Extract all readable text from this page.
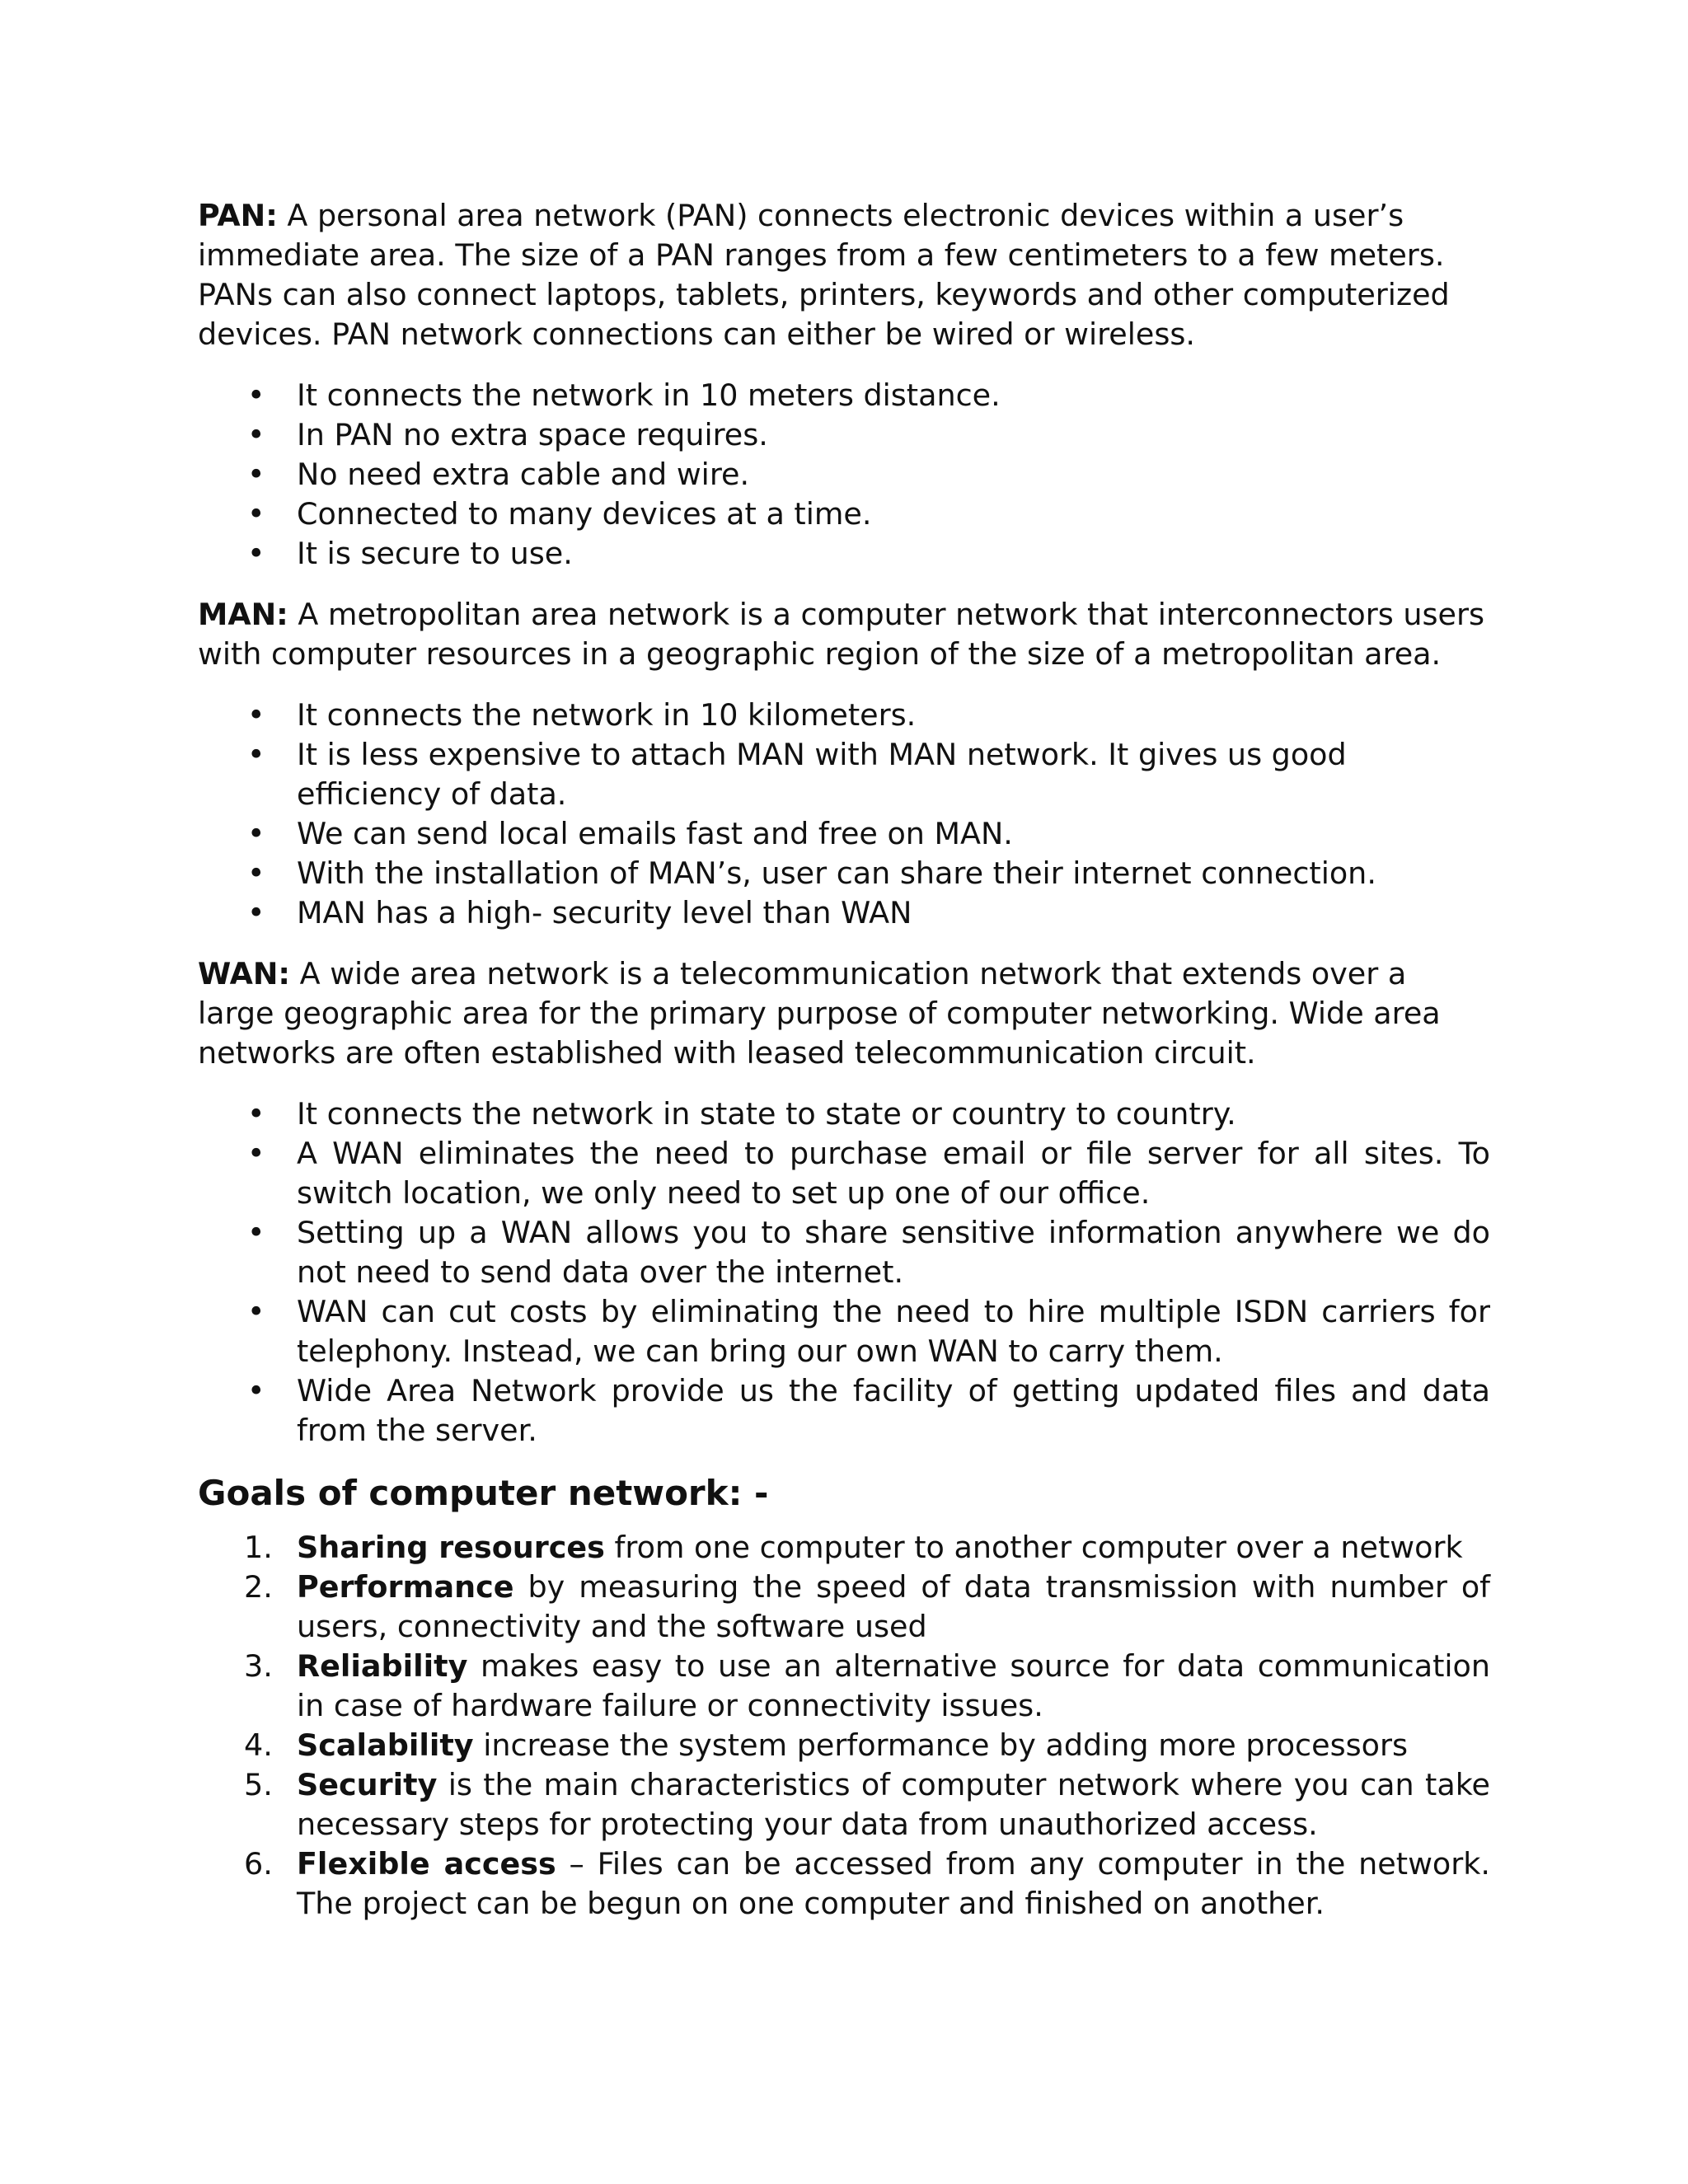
PAN: A personal area network (PAN) connects electronic devices within a user’s immediate area. The size of a PAN ranges from a few centimeters to a few meters. PANs can also connect laptops, tablets, printers, keywords and other computerized devices. PAN network connections can either be wired or wireless.

• It connects the network in 10 meters distance.
• In PAN no extra space requires.
• No need extra cable and wire.
• Connected to many devices at a time.
• It is secure to use.

MAN: A metropolitan area network is a computer network that interconnectors users with computer resources in a geographic region of the size of a metropolitan area.

• It connects the network in 10 kilometers.
• It is less expensive to attach MAN with MAN network. It gives us good efficiency of data.
• We can send local emails fast and free on MAN.
• With the installation of MAN’s, user can share their internet connection.
• MAN has a high- security level than WAN

WAN: A wide area network is a telecommunication network that extends over a large geographic area for the primary purpose of computer networking. Wide area networks are often established with leased telecommunication circuit.

• It connects the network in state to state or country to country.
• A WAN eliminates the need to purchase email or file server for all sites. To switch location, we only need to set up one of our office.
• Setting up a WAN allows you to share sensitive information anywhere we do not need to send data over the internet.
• WAN can cut costs by eliminating the need to hire multiple ISDN carriers for telephony. Instead, we can bring our own WAN to carry them.
• Wide Area Network provide us the facility of getting updated files and data from the server.
Goals of computer network: -
1. Sharing resources from one computer to another computer over a network
2. Performance by measuring the speed of data transmission with number of users, connectivity and the software used
3. Reliability makes easy to use an alternative source for data communication in case of hardware failure or connectivity issues.
4. Scalability increase the system performance by adding more processors
5. Security is the main characteristics of computer network where you can take necessary steps for protecting your data from unauthorized access.
6. Flexible access – Files can be accessed from any computer in the network. The project can be begun on one computer and finished on another.
